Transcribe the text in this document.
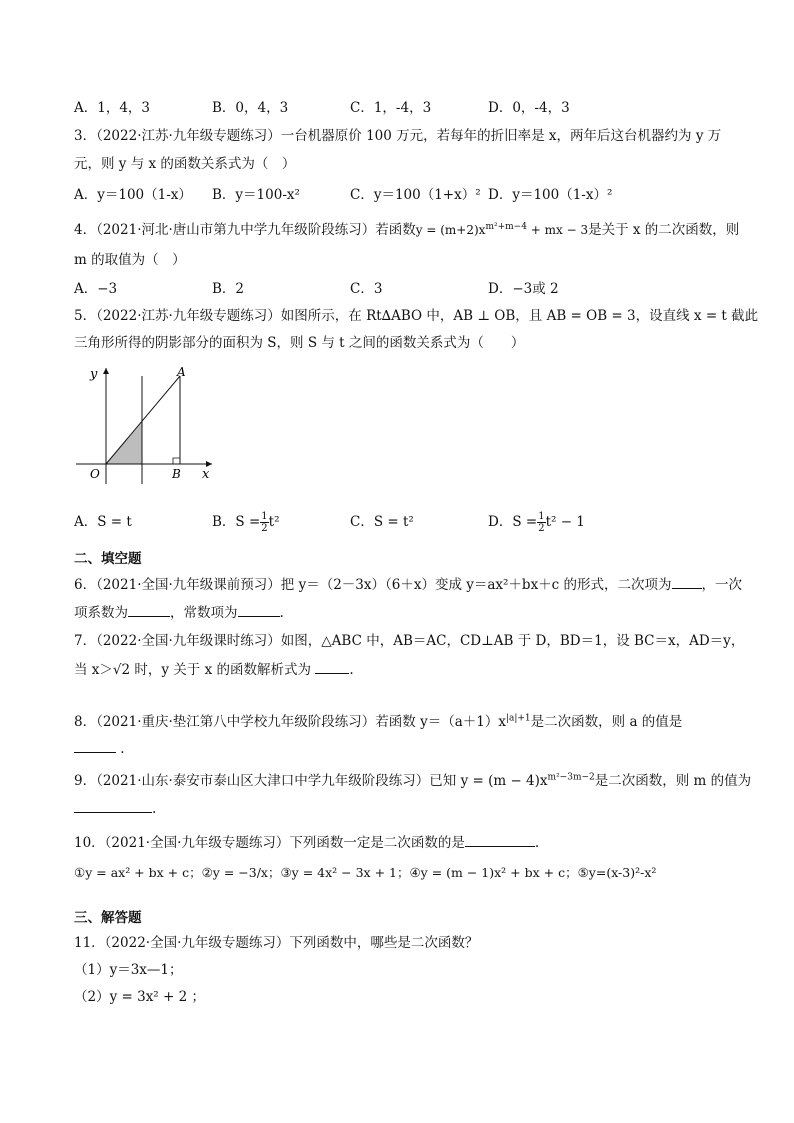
A．1，4，3	B．0，4，3	C．1，-4，3	D．0，-4，3
3．（2022·江苏·九年级专题练习）一台机器原价 100 万元，若每年的折旧率是 x，两年后这台机器约为 y 万
元，则 y 与 x 的函数关系式为（　）
A．y＝100（1-x） B．y＝100-x²	C．y＝100（1+x）² D．y＝100（1-x）²
4．（2021·河北·唐山市第九中学九年级阶段练习）若函数$y = (m+2)x^{m^2+m-4}$ + mx − 3是关于 x 的二次函数，则
m 的取值为（　）
A．−3	B．2	C．3	D．−3或 2
5．（2022·江苏·九年级专题练习）如图所示，在 Rt∆ABO 中，AB ⊥ OB，且 AB = OB = 3，设直线 x = t 截此
三角形所得的阴影部分的面积为 S，则 S 与 t 之间的函数关系式为（　　）
y	A
O	B x
A．S = t	B．$S = \frac{1}{2} t^2$	C．S = t²	D．$S = \frac{1}{2} t^2 - 1$
二、填空题
6．（2021·全国·九年级课前预习）把 y＝（2－3x）（6＋x）变成 y＝ax²＋bx＋c 的形式，二次项为 ，一次
项系数为	，常数项为	.
7．（2022·全国·九年级课时练习）如图，△ABC 中，AB＝AC，CD⊥AB 于 D，BD＝1，设 BC＝x，AD＝y，
当 x＞√2 时，y 关于 x 的函数解析式为	.
8．（2021·重庆·垫江第八中学校九年级阶段练习）若函数 $y=(a+1)x^{|a|+1}$是二次函数，则 a 的值是
.
9．（2021·山东·泰安市泰山区大津口中学九年级阶段练习）已知 $y = (m - 4)x^{m^2-3m-2}$是二次函数，则 m 的值为
.
10．（2021·全国·九年级专题练习）下列函数一定是二次函数的是	.
①y = ax² + bx + c；②y = −3/x；③y = 4x² − 3x + 1；④y = (m − 1)x² + bx + c；⑤y=(x-3)²-x²
三、解答题
11．（2022·全国·九年级专题练习）下列函数中，哪些是二次函数？
（1）y＝3x—1；
（2）y = 3x² + 2 ；
